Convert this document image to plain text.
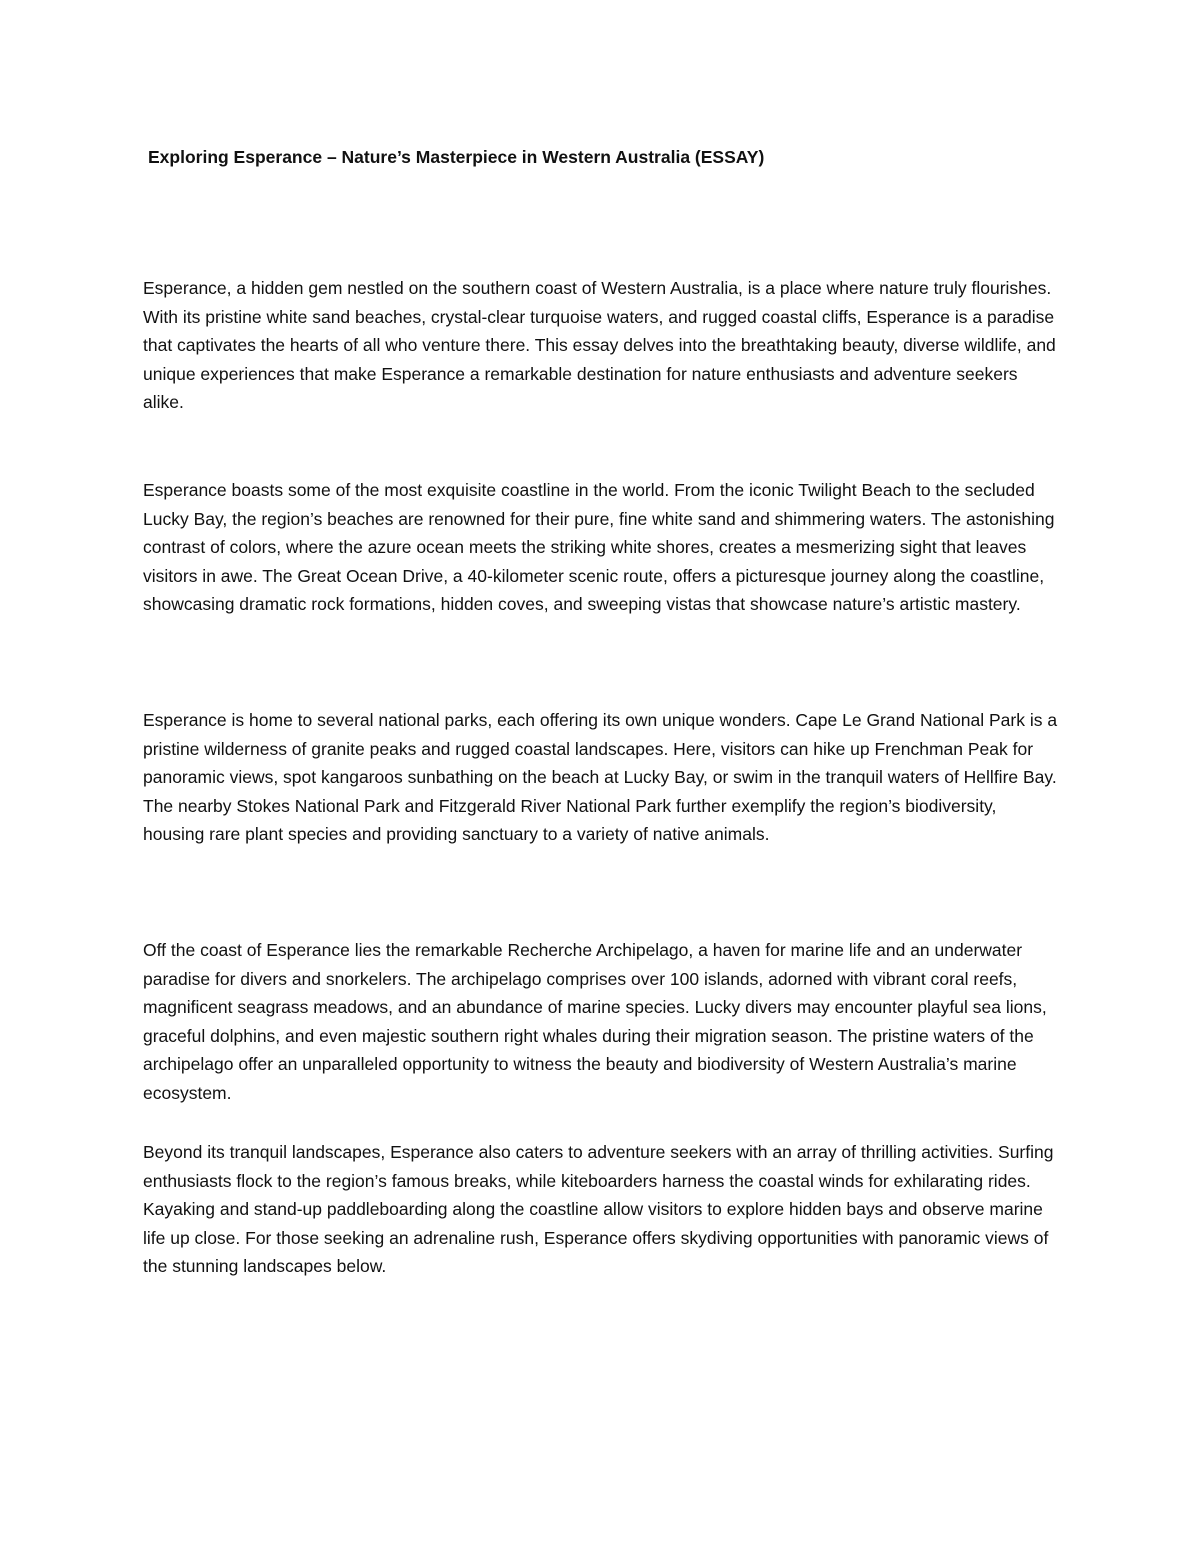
Exploring Esperance – Nature’s Masterpiece in Western Australia (ESSAY)

Esperance, a hidden gem nestled on the southern coast of Western Australia, is a place where nature truly flourishes. With its pristine white sand beaches, crystal-clear turquoise waters, and rugged coastal cliffs, Esperance is a paradise that captivates the hearts of all who venture there. This essay delves into the breathtaking beauty, diverse wildlife, and unique experiences that make Esperance a remarkable destination for nature enthusiasts and adventure seekers alike.

Esperance boasts some of the most exquisite coastline in the world. From the iconic Twilight Beach to the secluded Lucky Bay, the region’s beaches are renowned for their pure, fine white sand and shimmering waters. The astonishing contrast of colors, where the azure ocean meets the striking white shores, creates a mesmerizing sight that leaves visitors in awe. The Great Ocean Drive, a 40-kilometer scenic route, offers a picturesque journey along the coastline, showcasing dramatic rock formations, hidden coves, and sweeping vistas that showcase nature’s artistic mastery.

Esperance is home to several national parks, each offering its own unique wonders. Cape Le Grand National Park is a pristine wilderness of granite peaks and rugged coastal landscapes. Here, visitors can hike up Frenchman Peak for panoramic views, spot kangaroos sunbathing on the beach at Lucky Bay, or swim in the tranquil waters of Hellfire Bay. The nearby Stokes National Park and Fitzgerald River National Park further exemplify the region’s biodiversity, housing rare plant species and providing sanctuary to a variety of native animals.

Off the coast of Esperance lies the remarkable Recherche Archipelago, a haven for marine life and an underwater paradise for divers and snorkelers. The archipelago comprises over 100 islands, adorned with vibrant coral reefs, magnificent seagrass meadows, and an abundance of marine species. Lucky divers may encounter playful sea lions, graceful dolphins, and even majestic southern right whales during their migration season. The pristine waters of the archipelago offer an unparalleled opportunity to witness the beauty and biodiversity of Western Australia’s marine ecosystem.

Beyond its tranquil landscapes, Esperance also caters to adventure seekers with an array of thrilling activities. Surfing enthusiasts flock to the region’s famous breaks, while kiteboarders harness the coastal winds for exhilarating rides. Kayaking and stand-up paddleboarding along the coastline allow visitors to explore hidden bays and observe marine life up close. For those seeking an adrenaline rush, Esperance offers skydiving opportunities with panoramic views of the stunning landscapes below.
